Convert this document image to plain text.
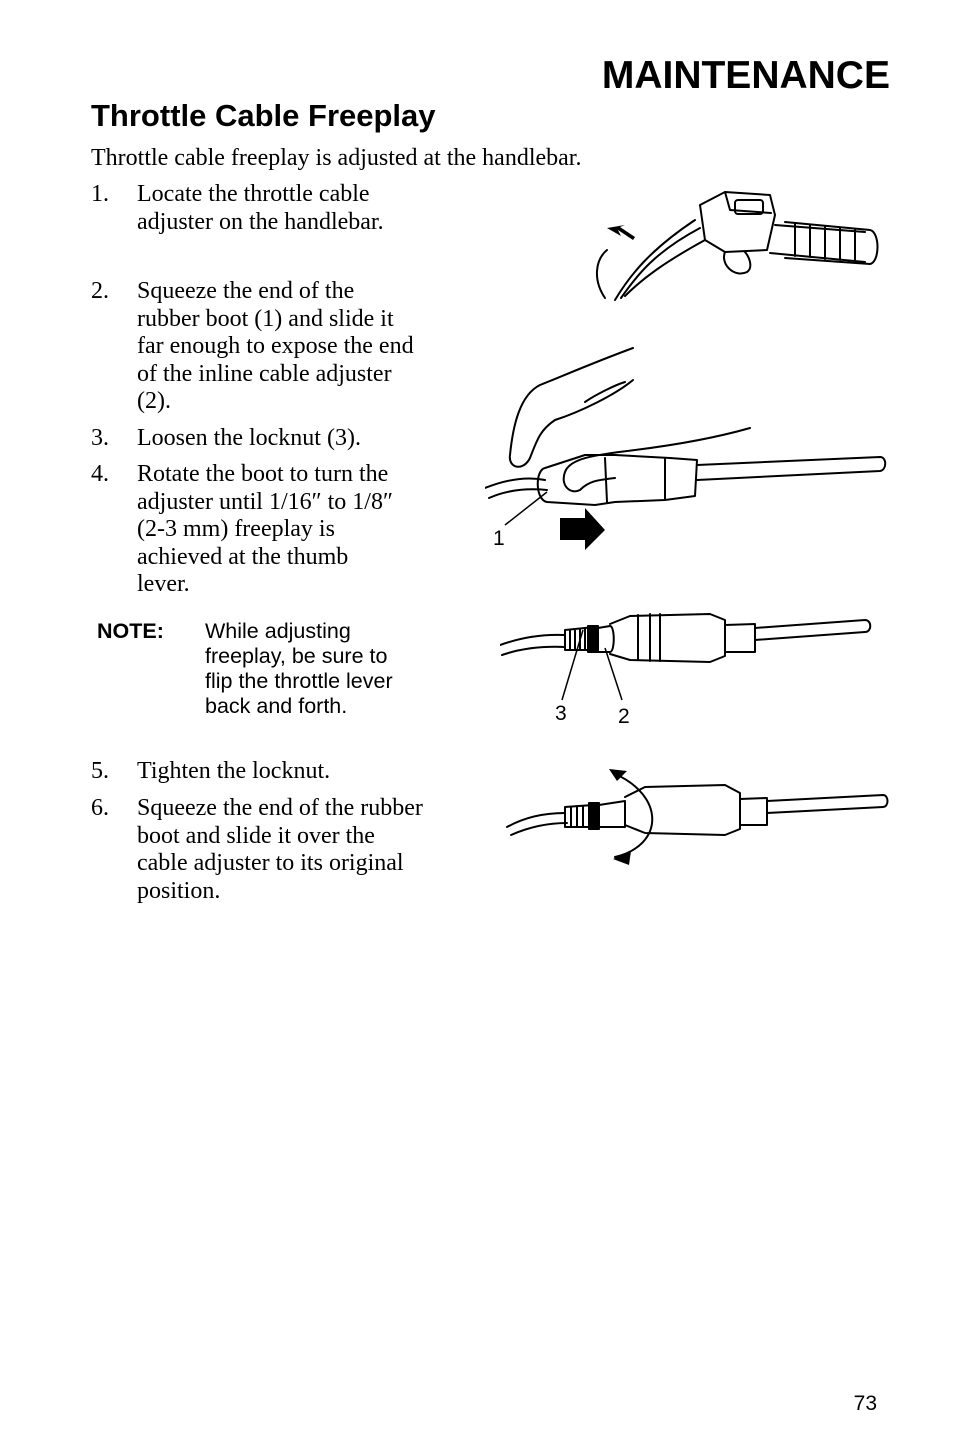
MAINTENANCE
Throttle Cable Freeplay
Throttle cable freeplay is adjusted at the handlebar.
1. Locate the throttle cable adjuster on the handlebar.
2. Squeeze the end of the rubber boot (1) and slide it far enough to expose the end of the inline cable adjuster (2).
3. Loosen the locknut (3).
4. Rotate the boot to turn the adjuster until 1/16″ to 1/8″ (2-3 mm) freeplay is achieved at the thumb lever.
NOTE: While adjusting freeplay, be sure to flip the throttle lever back and forth.
5. Tighten the locknut.
6. Squeeze the end of the rubber boot and slide it over the cable adjuster to its original position.
1
3 2
73
